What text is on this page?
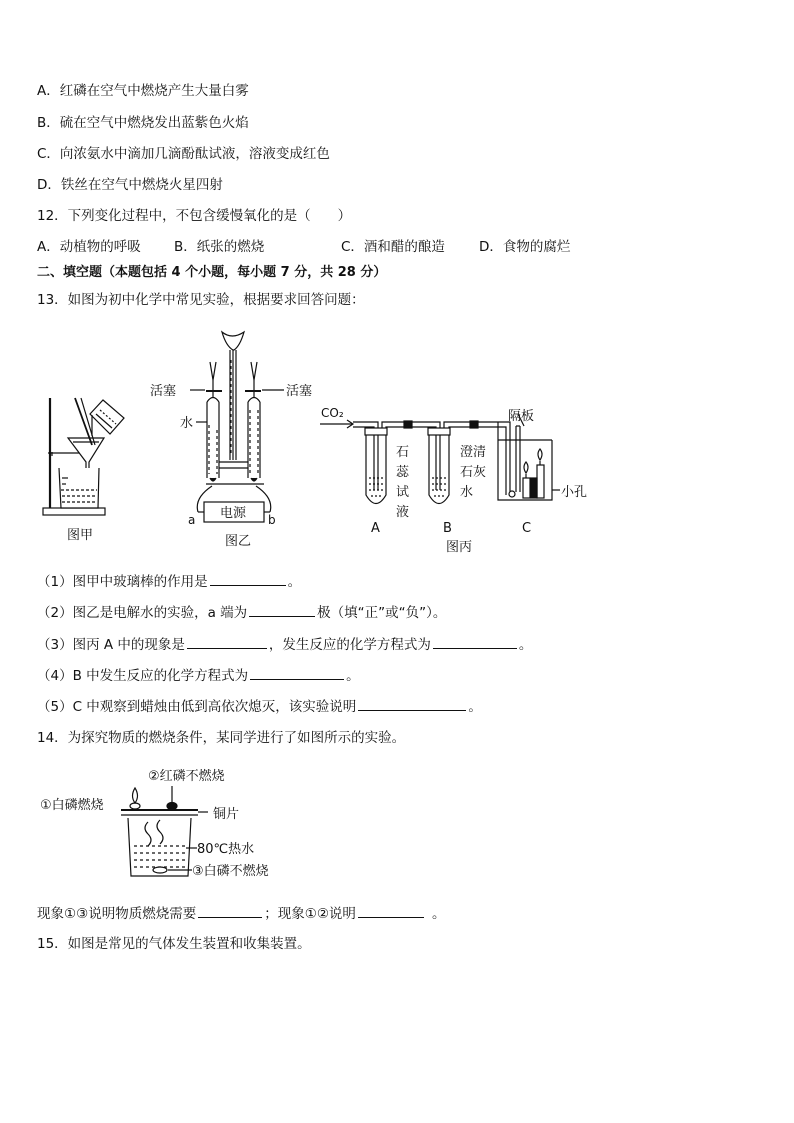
A．红磷在空气中燃烧产生大量白雾
B．硫在空气中燃烧发出蓝紫色火焰
C．向浓氨水中滴加几滴酚酞试液，溶液变成红色
D．铁丝在空气中燃烧火星四射
12．下列变化过程中，不包含缓慢氧化的是（　　）
A．动植物的呼吸 B．纸张的燃烧	C．酒和醋的酿造	D．食物的腐烂
二、填空题（本题包括 4 个小题，每小题 7 分，共 28 分）
13．如图为初中化学中常见实验，根据要求回答问题：
图甲
活塞	活塞
水
电源
a	b
图乙
CO₂
石
蕊
试
液
澄清
石灰
水
隔板
小孔
A	B	C
图丙
（1）图甲中玻璃棒的作用是	。
（2）图乙是电解水的实验，a 端为	极（填“正”或“负”）。
（3）图丙 A 中的现象是	，发生反应的化学方程式为	。
（4）B 中发生反应的化学方程式为	。
（5）C 中观察到蜡烛由低到高依次熄灭，该实验说明	。
14．为探究物质的燃烧条件，某同学进行了如图所示的实验。
①白磷燃烧
②红磷不燃烧
铜片
80℃热水
③白磷不燃烧
现象①③说明物质燃烧需要	；现象①②说明	。
15．如图是常见的气体发生装置和收集装置。
